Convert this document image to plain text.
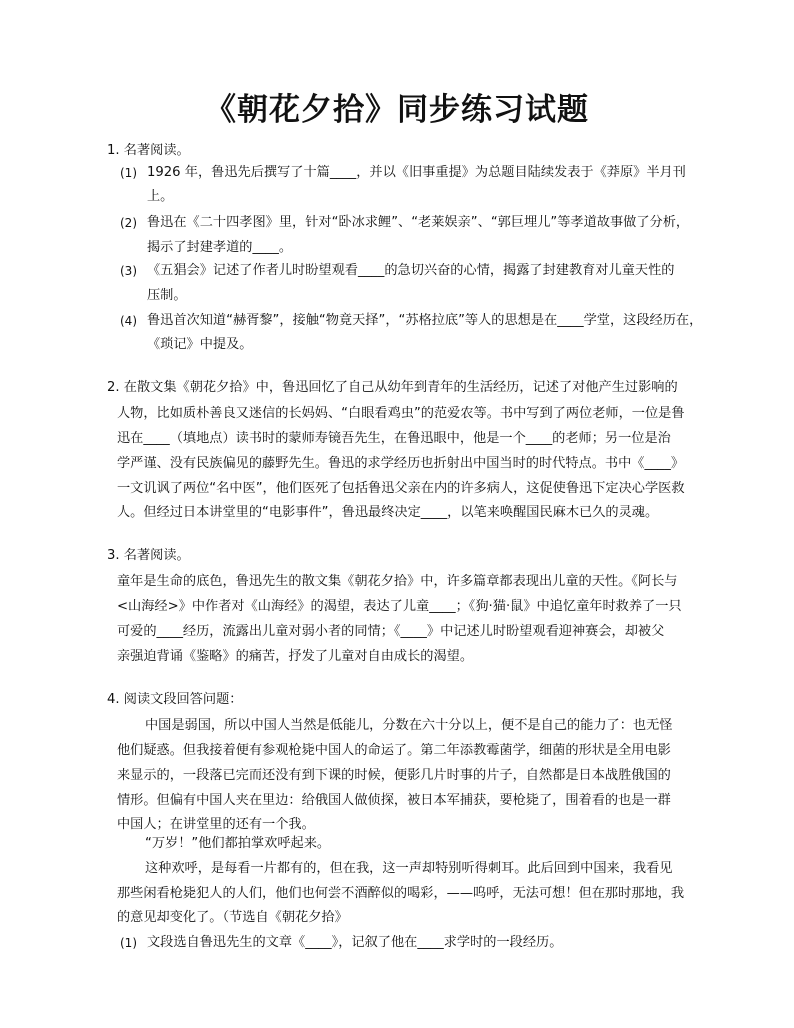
《朝花夕拾》同步练习试题
1. 名著阅读。
(1) 1926 年，鲁迅先后撰写了十篇____，并以《旧事重提》为总题目陆续发表于《莽原》半月刊
上。
(2) 鲁迅在《二十四孝图》里，针对“卧冰求鲤”、“老莱娱亲”、“郭巨埋儿”等孝道故事做了分析，
揭示了封建孝道的____。
(3) 《五猖会》记述了作者儿时盼望观看____的急切兴奋的心情，揭露了封建教育对儿童天性的
压制。
(4) 鲁迅首次知道“赫胥黎”，接触“物竟天择”，“苏格拉底”等人的思想是在____学堂，这段经历在，
《琐记》中提及。
2. 在散文集《朝花夕拾》中，鲁迅回忆了自己从幼年到青年的生活经历，记述了对他产生过影响的
人物，比如质朴善良又迷信的长妈妈、“白眼看鸡虫”的范爱农等。书中写到了两位老师，一位是鲁
迅在____（填地点）读书时的蒙师寿镜吾先生，在鲁迅眼中，他是一个____的老师；另一位是治
学严谨、没有民族偏见的藤野先生。鲁迅的求学经历也折射出中国当时的时代特点。书中《____》
一文讥讽了两位“名中医”，他们医死了包括鲁迅父亲在内的许多病人，这促使鲁迅下定决心学医救
人。但经过日本讲堂里的“电影事件”，鲁迅最终决定____，以笔来唤醒国民麻木已久的灵魂。
3. 名著阅读。
童年是生命的底色，鲁迅先生的散文集《朝花夕拾》中，许多篇章都表现出儿童的天性。《阿长与
<山海经>》中作者对《山海经》的渴望，表达了儿童____；《狗·猫·鼠》中追忆童年时救养了一只
可爱的____经历，流露出儿童对弱小者的同情；《____》中记述儿时盼望观看迎神赛会，却被父
亲强迫背诵《鉴略》的痛苦，抒发了儿童对自由成长的渴望。
4. 阅读文段回答问题：
中国是弱国，所以中国人当然是低能儿，分数在六十分以上，便不是自己的能力了：也无怪
他们疑惑。但我接着便有参观枪毙中国人的命运了。第二年添教霉菌学，细菌的形状是全用电影
来显示的，一段落已完而还没有到下课的时候，便影几片时事的片子，自然都是日本战胜俄国的
情形。但偏有中国人夹在里边：给俄国人做侦探，被日本军捕获，要枪毙了，围着看的也是一群
中国人；在讲堂里的还有一个我。
“万岁！”他们都拍掌欢呼起来。
这种欢呼，是每看一片都有的，但在我，这一声却特别听得刺耳。此后回到中国来，我看见
那些闲看枪毙犯人的人们，他们也何尝不酒醉似的喝彩，——呜呼，无法可想！但在那时那地，我
的意见却变化了。（节选自《朝花夕拾》
(1) 文段选自鲁迅先生的文章《____》，记叙了他在____求学时的一段经历。
